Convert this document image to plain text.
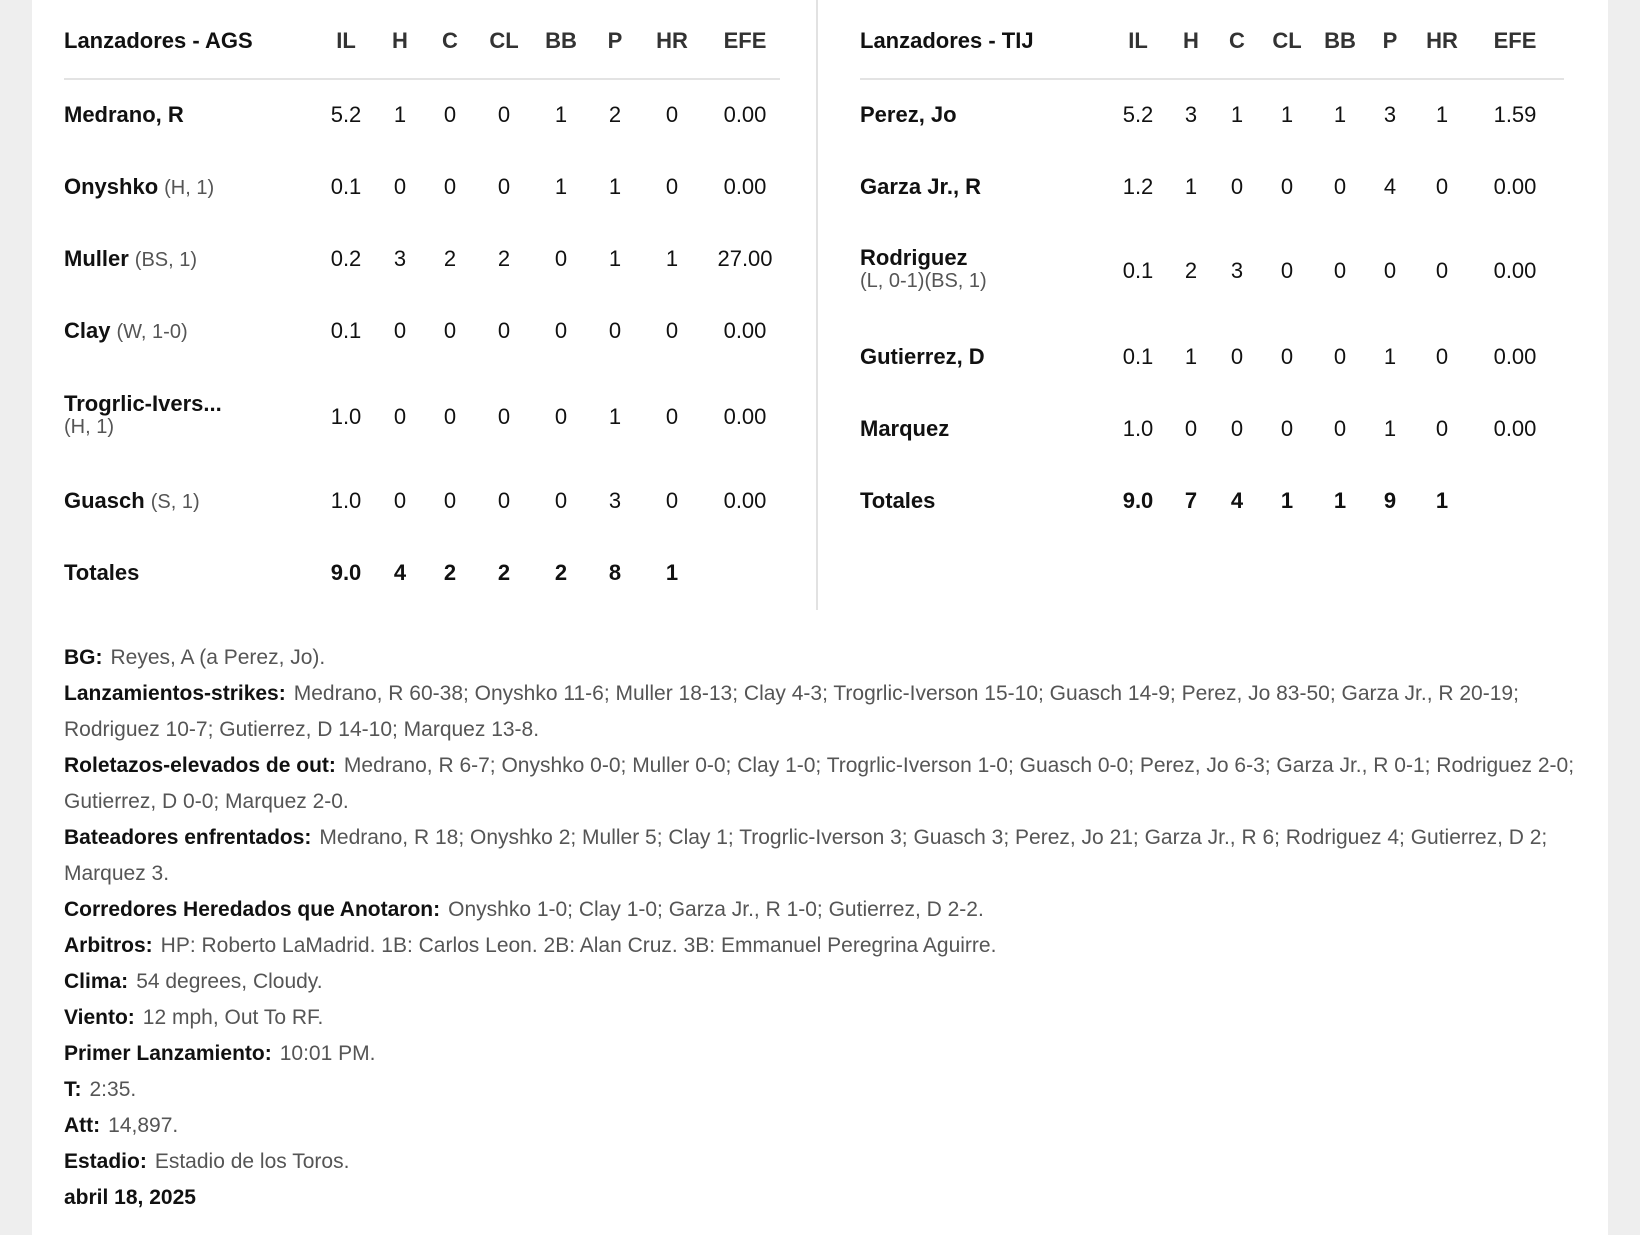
Lanzadores - AGS	IL	H	C	CL	BB	P	HR	EFE
Medrano, R	5.2	1	0	0	1	2	0	0.00
Onyshko (H, 1)	0.1	0	0	0	1	1	0	0.00
Muller (BS, 1)	0.2	3	2	2	0	1	1	27.00
Clay (W, 1-0)	0.1	0	0	0	0	0	0	0.00
Trogrlic-Ivers...
(H, 1)	1.0	0	0	0	0	1	0	0.00
Guasch (S, 1)	1.0	0	0	0	0	3	0	0.00
Totales	9.0	4	2	2	2	8	1
Lanzadores - TIJ	IL	H	C	CL	BB	P	HR	EFE
Perez, Jo	5.2	3	1	1	1	3	1	1.59
Garza Jr., R	1.2	1	0	0	0	4	0	0.00
Rodriguez
(L, 0-1)(BS, 1)	0.1	2	3	0	0	0	0	0.00
Gutierrez, D	0.1	1	0	0	0	1	0	0.00
Marquez	1.0	0	0	0	0	1	0	0.00
Totales	9.0	7	4	1	1	9	1
BG: Reyes, A (a Perez, Jo).
Lanzamientos-strikes: Medrano, R 60-38; Onyshko 11-6; Muller 18-13; Clay 4-3; Trogrlic-Iverson 15-10; Guasch 14-9; Perez, Jo 83-50; Garza Jr., R 20-19; Rodriguez 10-7; Gutierrez, D 14-10; Marquez 13-8.
Roletazos-elevados de out: Medrano, R 6-7; Onyshko 0-0; Muller 0-0; Clay 1-0; Trogrlic-Iverson 1-0; Guasch 0-0; Perez, Jo 6-3; Garza Jr., R 0-1; Rodriguez 2-0; Gutierrez, D 0-0; Marquez 2-0.
Bateadores enfrentados: Medrano, R 18; Onyshko 2; Muller 5; Clay 1; Trogrlic-Iverson 3; Guasch 3; Perez, Jo 21; Garza Jr., R 6; Rodriguez 4; Gutierrez, D 2; Marquez 3.
Corredores Heredados que Anotaron: Onyshko 1-0; Clay 1-0; Garza Jr., R 1-0; Gutierrez, D 2-2.
Arbitros: HP: Roberto LaMadrid. 1B: Carlos Leon. 2B: Alan Cruz. 3B: Emmanuel Peregrina Aguirre.
Clima: 54 degrees, Cloudy.
Viento: 12 mph, Out To RF.
Primer Lanzamiento: 10:01 PM.
T: 2:35.
Att: 14,897.
Estadio: Estadio de los Toros.
abril 18, 2025
